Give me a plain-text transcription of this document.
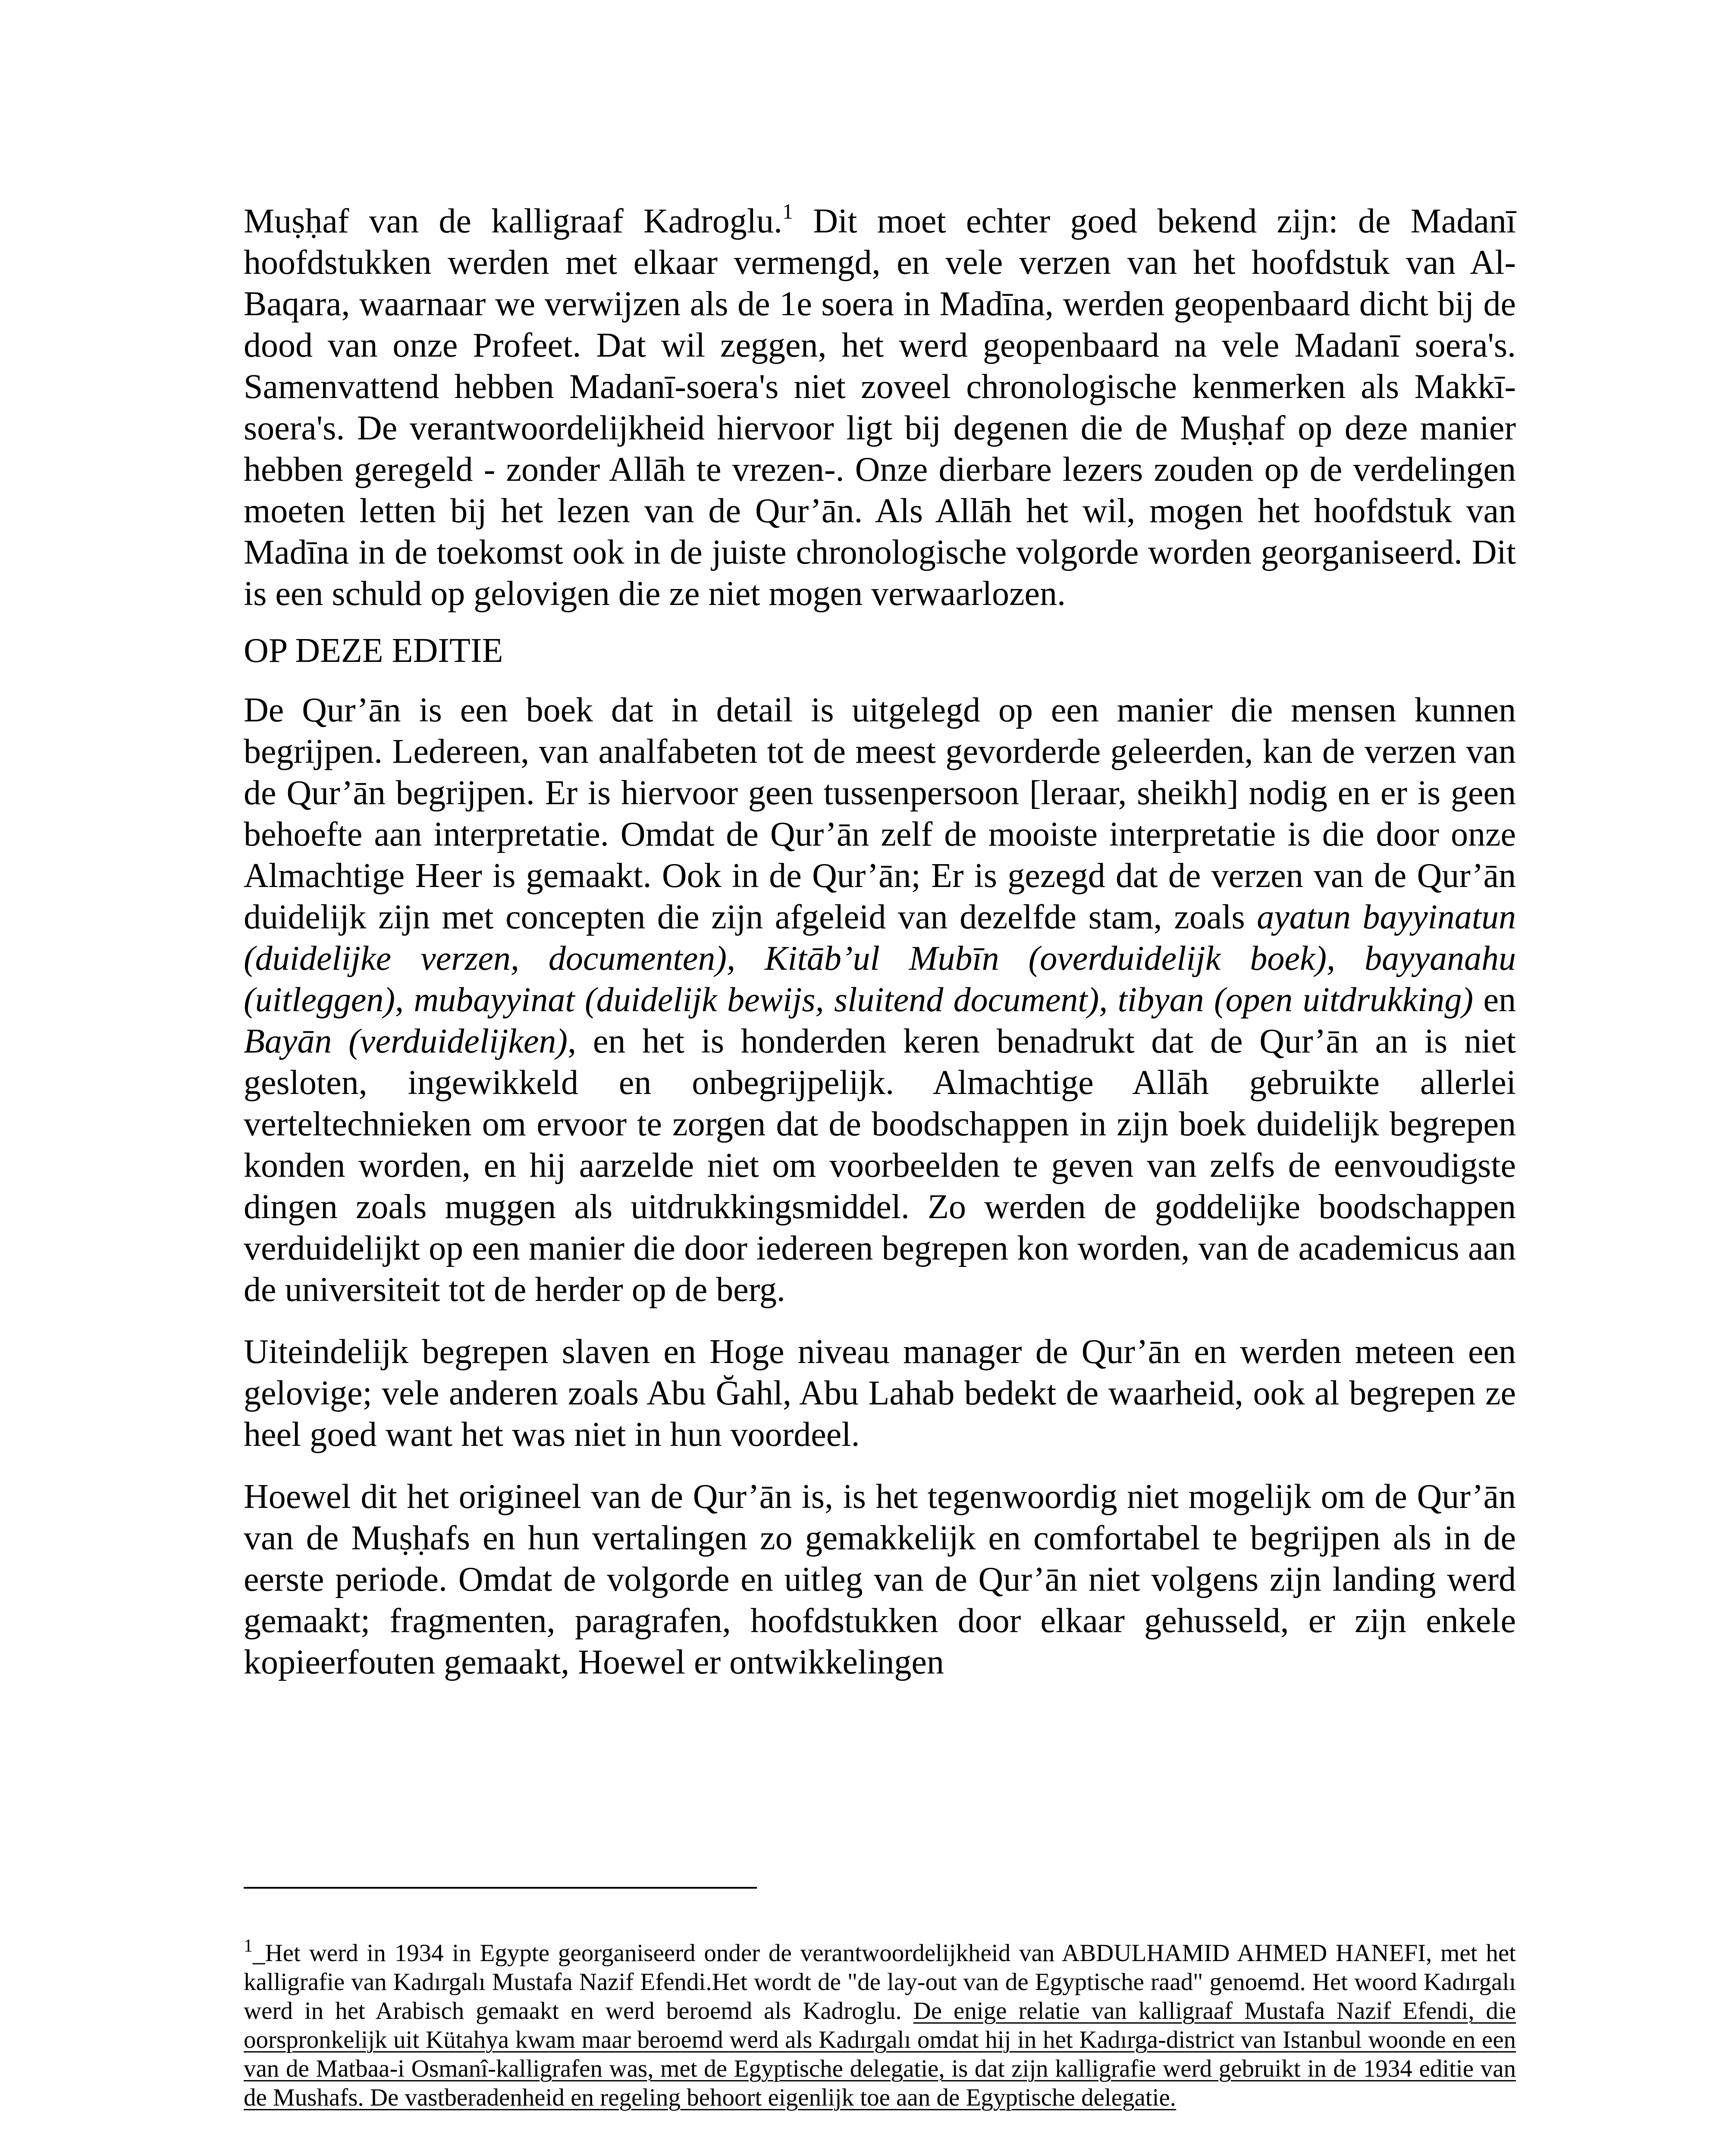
Muṣḥaf van de kalligraaf Kadroglu.$^1$ Dit moet echter goed bekend zijn: de Madanī hoofdstukken werden met elkaar vermengd, en vele verzen van het hoofdstuk van Al-Baqara, waarnaar we verwijzen als de 1e soera in Madīna, werden geopenbaard dicht bij de dood van onze Profeet. Dat wil zeggen, het werd geopenbaard na vele Madanī soera's. Samenvattend hebben Madanī-soera's niet zoveel chronologische kenmerken als Makkī-soera's. De verantwoordelijkheid hiervoor ligt bij degenen die de Muṣḥaf op deze manier hebben geregeld - zonder Allāh te vrezen-. Onze dierbare lezers zouden op de verdelingen moeten letten bij het lezen van de Qur’ān. Als Allāh het wil, mogen het hoofdstuk van Madīna in de toekomst ook in de juiste chronologische volgorde worden georganiseerd. Dit is een schuld op gelovigen die ze niet mogen verwaarlozen.

OP DEZE EDITIE

De Qur’ān is een boek dat in detail is uitgelegd op een manier die mensen kunnen begrijpen. Ledereen, van analfabeten tot de meest gevorderde geleerden, kan de verzen van de Qur’ān begrijpen. Er is hiervoor geen tussenpersoon [leraar, sheikh] nodig en er is geen behoefte aan interpretatie. Omdat de Qur’ān zelf de mooiste interpretatie is die door onze Almachtige Heer is gemaakt. Ook in de Qur’ān; Er is gezegd dat de verzen van de Qur’ān duidelijk zijn met concepten die zijn afgeleid van dezelfde stam, zoals ayatun bayyinatun (duidelijke verzen, documenten), Kitāb’ul Mubīn (overduidelijk boek), bayyanahu (uitleggen), mubayyinat (duidelijk bewijs, sluitend document), tibyan (open uitdrukking) en Bayān (verduidelijken), en het is honderden keren benadrukt dat de Qur’ān an is niet gesloten, ingewikkeld en onbegrijpelijk. Almachtige Allāh gebruikte allerlei verteltechnieken om ervoor te zorgen dat de boodschappen in zijn boek duidelijk begrepen konden worden, en hij aarzelde niet om voorbeelden te geven van zelfs de eenvoudigste dingen zoals muggen als uitdrukkingsmiddel. Zo werden de goddelijke boodschappen verduidelijkt op een manier die door iedereen begrepen kon worden, van de academicus aan de universiteit tot de herder op de berg.

Uiteindelijk begrepen slaven en Hoge niveau manager de Qur’ān en werden meteen een gelovige; vele anderen zoals Abu Ğahl, Abu Lahab bedekt de waarheid, ook al begrepen ze heel goed want het was niet in hun voordeel.

Hoewel dit het origineel van de Qur’ān is, is het tegenwoordig niet mogelijk om de Qur’ān van de Muṣḥafs en hun vertalingen zo gemakkelijk en comfortabel te begrijpen als in de eerste periode. Omdat de volgorde en uitleg van de Qur’ān niet volgens zijn landing werd gemaakt; fragmenten, paragrafen, hoofdstukken door elkaar gehusseld, er zijn enkele kopieerfouten gemaakt, Hoewel er ontwikkelingen

$^1$_Het werd in 1934 in Egypte georganiseerd onder de verantwoordelijkheid van ABDULHAMID AHMED HANEFI, met het kalligrafie van Kadırgalı Mustafa Nazif Efendi.Het wordt de "de lay-out van de Egyptische raad" genoemd. Het woord Kadırgalı werd in het Arabisch gemaakt en werd beroemd als Kadroglu. De enige relatie van kalligraaf Mustafa Nazif Efendi, die oorspronkelijk uit Kütahya kwam maar beroemd werd als Kadırgalı omdat hij in het Kadırga-district van Istanbul woonde en een van de Matbaa-i Osmanî-kalligrafen was, met de Egyptische delegatie, is dat zijn kalligrafie werd gebruikt in de 1934 editie van de Mushafs. De vastberadenheid en regeling behoort eigenlijk toe aan de Egyptische delegatie.
